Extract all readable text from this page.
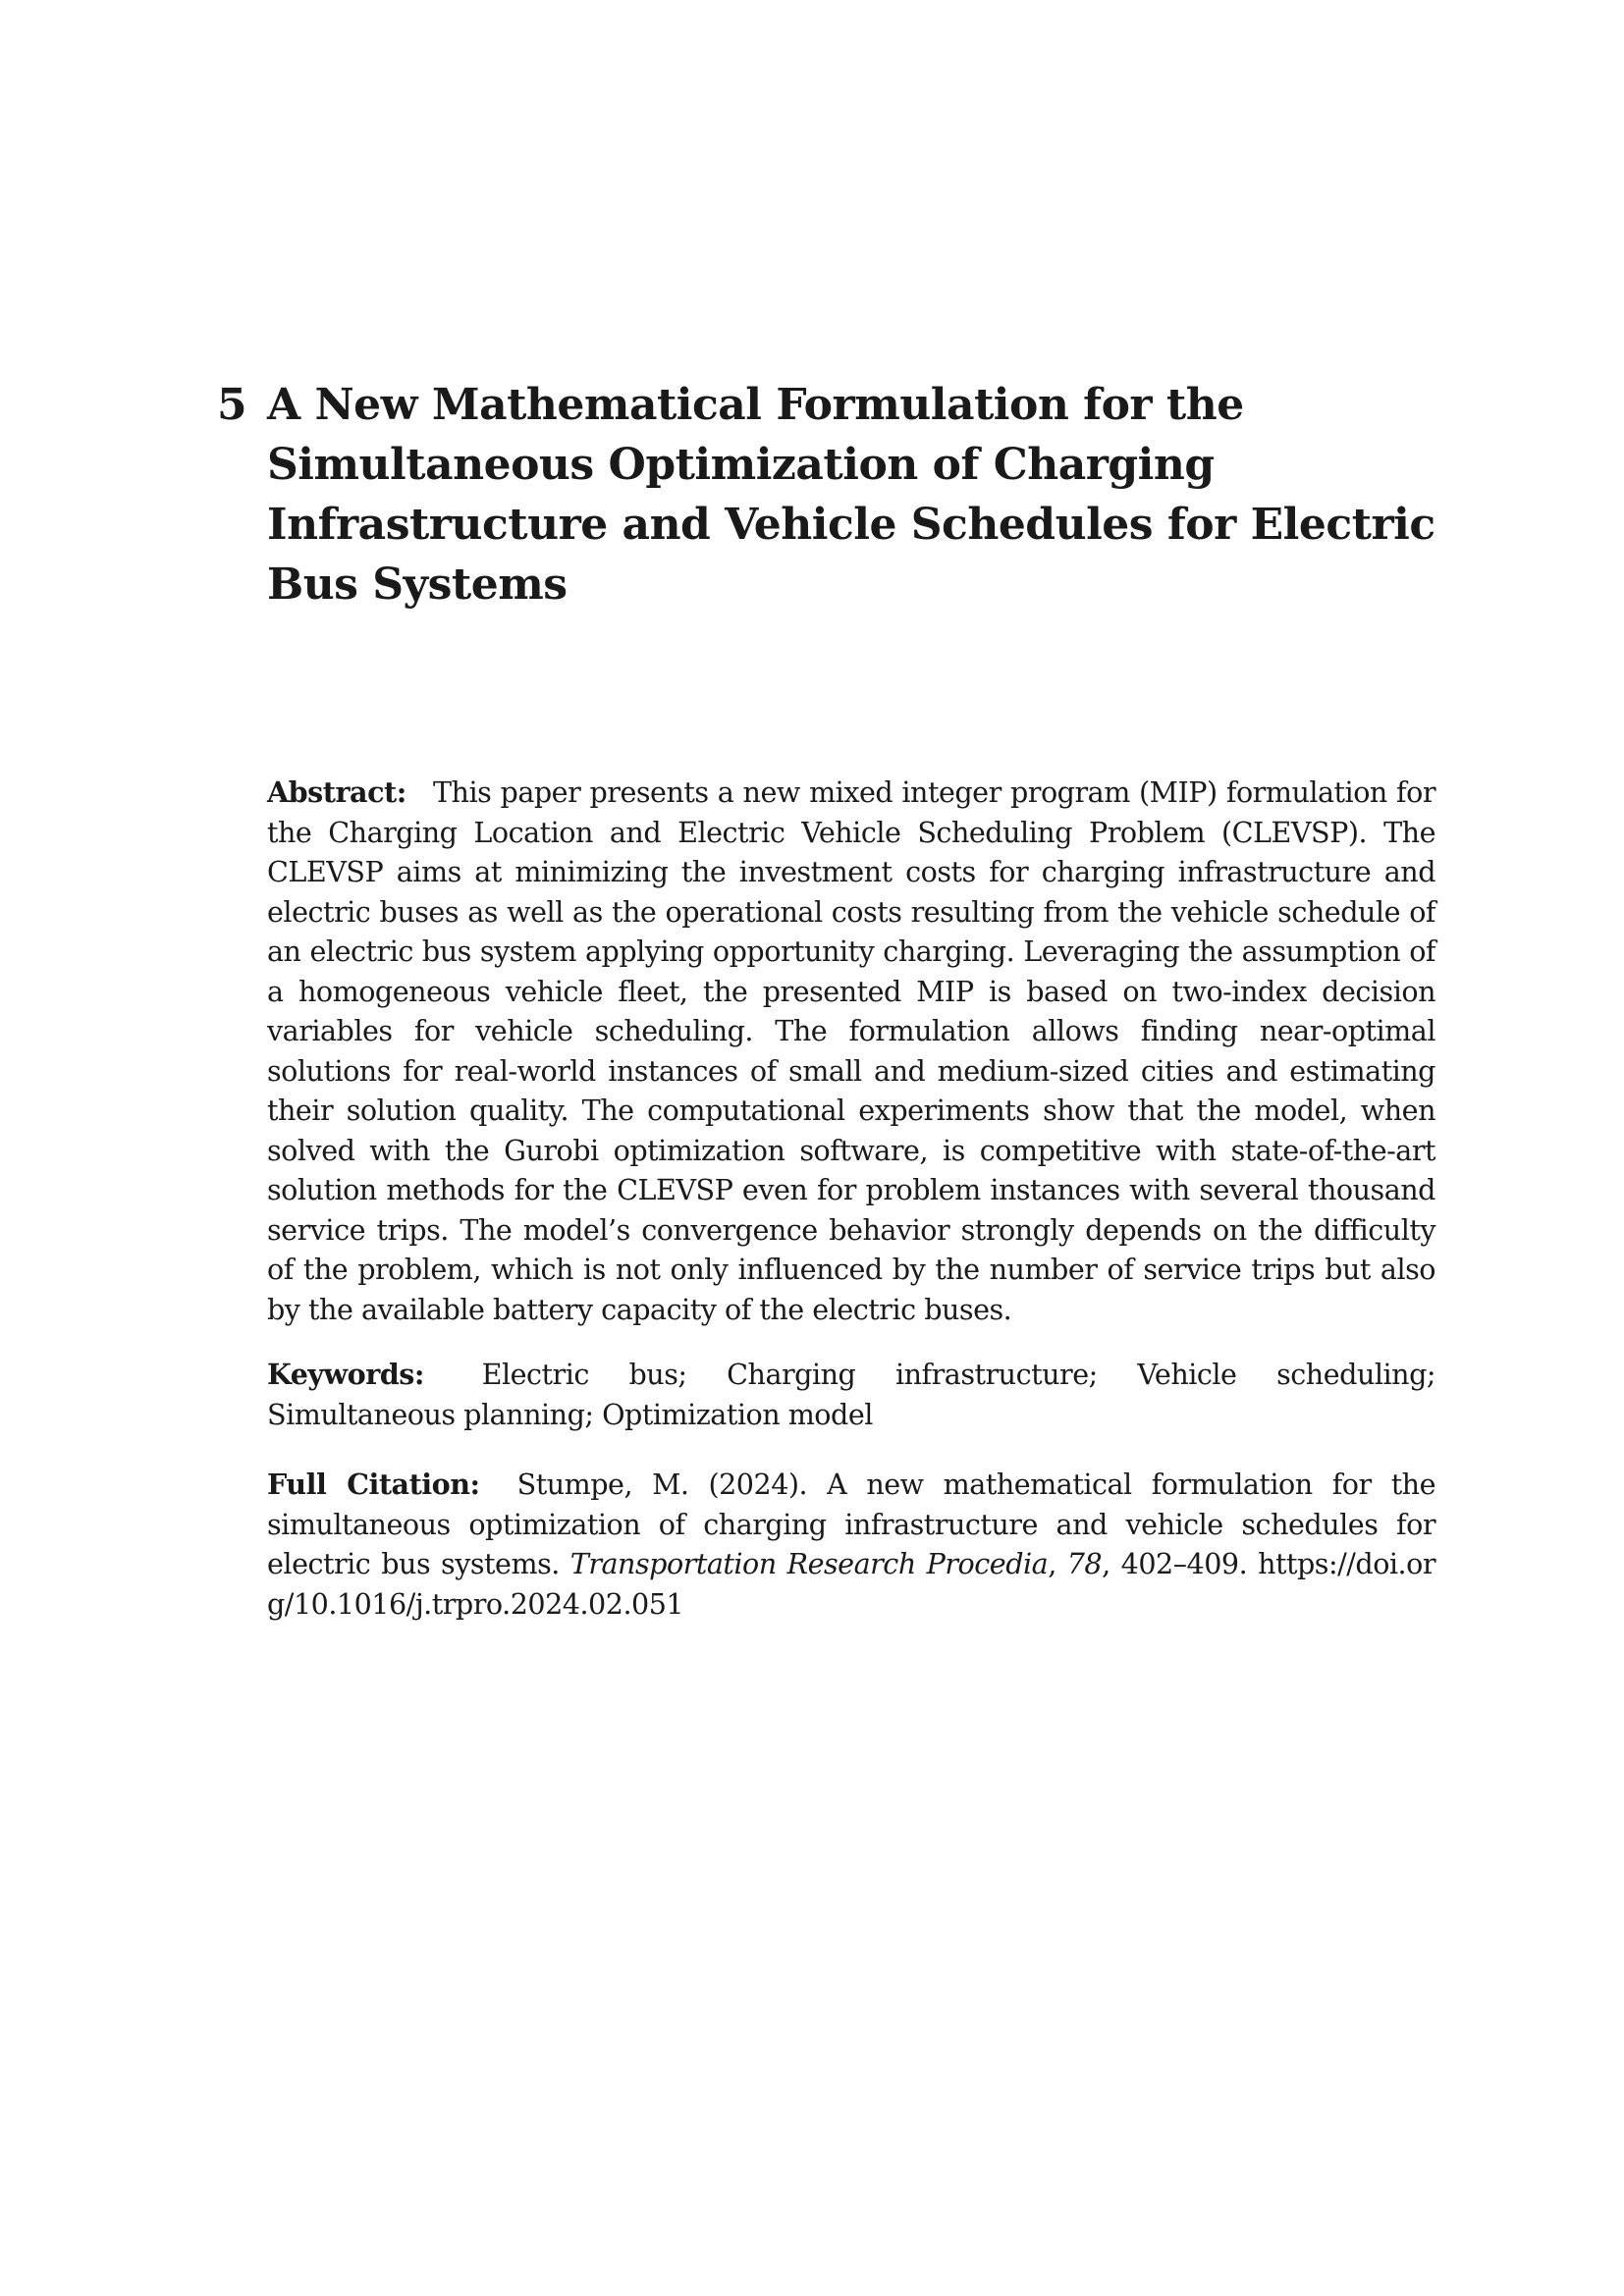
5 A New Mathematical Formulation for the Simultaneous Optimization of Charging Infrastructure and Vehicle Schedules for Electric Bus Systems
Abstract: This paper presents a new mixed integer program (MIP) formulation for the Charging Location and Electric Vehicle Scheduling Problem (CLEVSP). The CLEVSP aims at minimizing the investment costs for charging infrastructure and electric buses as well as the operational costs resulting from the vehicle schedule of an electric bus system applying opportunity charging. Leveraging the assumption of a homogeneous vehicle fleet, the presented MIP is based on two-index decision variables for vehicle scheduling. The formulation allows finding near-optimal solutions for real-world instances of small and medium-sized cities and estimating their solution quality. The computational experiments show that the model, when solved with the Gurobi optimization software, is competitive with state-of-the-art solution methods for the CLEVSP even for problem instances with several thousand service trips. The model’s convergence behavior strongly depends on the difficulty of the problem, which is not only influenced by the number of service trips but also by the available battery capacity of the electric buses.
Keywords: Electric bus; Charging infrastructure; Vehicle scheduling; Simultaneous planning; Optimization model
Full Citation: Stumpe, M. (2024). A new mathematical formulation for the simultaneous optimization of charging infrastructure and vehicle schedules for electric bus systems. Transportation Research Procedia, 78, 402–409. https://doi.org/10.1016/j.trpro.2024.02.051
